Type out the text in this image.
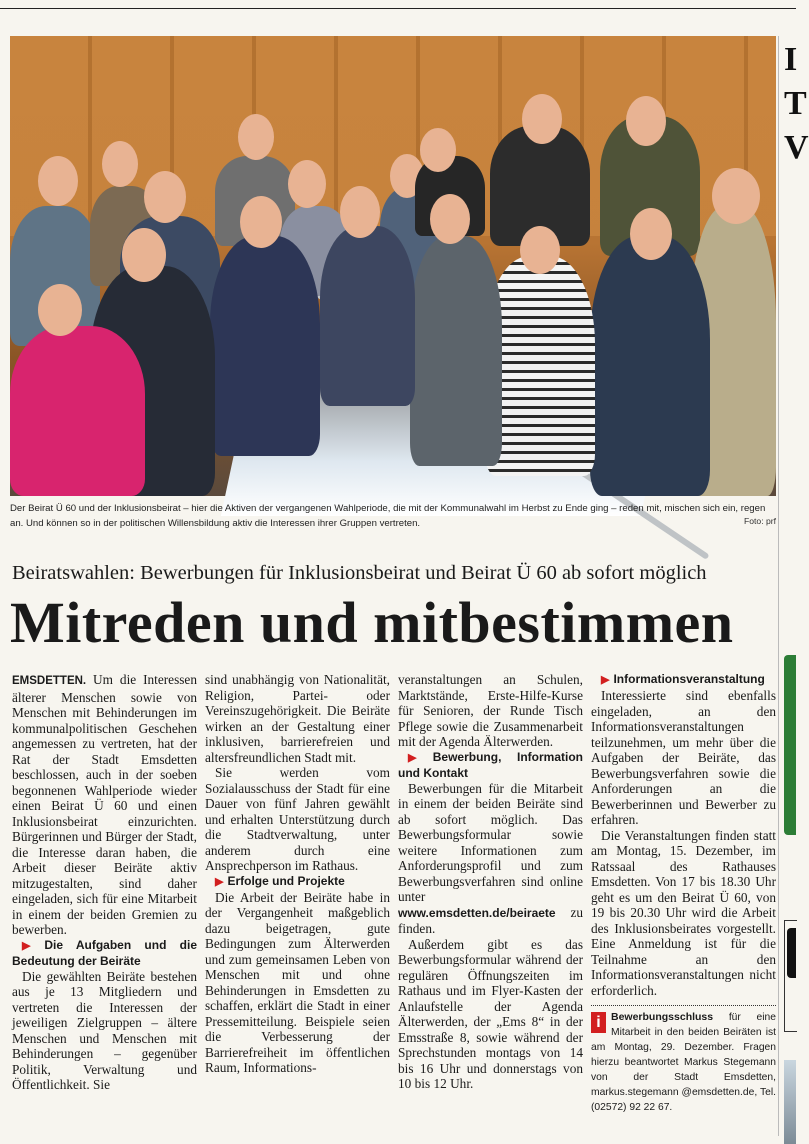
Der Beirat Ü 60 und der Inklusionsbeirat – hier die Aktiven der vergangenen Wahlperiode, die mit der Kommunalwahl im Herbst zu Ende ging – reden mit, mischen sich ein, regen an. Und können so in der politischen Willensbildung aktiv die Interessen ihrer Gruppen vertreten.	Foto: prf
Beiratswahlen: Bewerbungen für Inklusionsbeirat und Beirat Ü 60 ab sofort möglich
Mitreden und mitbestimmen

EMSDETTEN. Um die Interessen älterer Menschen sowie von Menschen mit Behinderungen im kommunalpolitischen Geschehen angemessen zu vertreten, hat der Rat der Stadt Emsdetten beschlossen, auch in der soeben begonnenen Wahlperiode wieder einen Beirat Ü 60 und einen Inklusionsbeirat einzurichten. Bürgerinnen und Bürger der Stadt, die Interesse daran haben, die Arbeit dieser Beiräte aktiv mitzugestalten, sind daher eingeladen, sich für eine Mitarbeit in einem der beiden Gremien zu bewerben.

▶ Die Aufgaben und die Bedeutung der Beiräte

Die gewählten Beiräte bestehen aus je 13 Mitgliedern und vertreten die Interessen der jeweiligen Zielgruppen – ältere Menschen und Menschen mit Behinderungen – gegenüber Politik, Verwaltung und Öffentlichkeit. Sie

sind unabhängig von Nationalität, Religion, Partei- oder Vereinszugehörigkeit. Die Beiräte wirken an der Gestaltung einer inklusiven, barrierefreien und altersfreundlichen Stadt mit.

Sie werden vom Sozialausschuss der Stadt für eine Dauer von fünf Jahren gewählt und erhalten Unterstützung durch die Stadtverwaltung, unter anderem durch eine Ansprechperson im Rathaus.

▶ Erfolge und Projekte

Die Arbeit der Beiräte habe in der Vergangenheit maßgeblich dazu beigetragen, gute Bedingungen zum Älterwerden und zum gemeinsamen Leben von Menschen mit und ohne Behinderungen in Emsdetten zu schaffen, erklärt die Stadt in einer Pressemitteilung. Beispiele seien die Verbesserung der Barrierefreiheit im öffentlichen Raum, Informations-

veranstaltungen an Schulen, Marktstände, Erste-Hilfe-Kurse für Senioren, der Runde Tisch Pflege sowie die Zusammenarbeit mit der Agenda Älterwerden.

▶ Bewerbung, Information und Kontakt

Bewerbungen für die Mitarbeit in einem der beiden Beiräte sind ab sofort möglich. Das Bewerbungsformular sowie weitere Informationen zum Anforderungsprofil und zum Bewerbungsverfahren sind online unter www.emsdetten.de/beiraete zu finden.

Außerdem gibt es das Bewerbungsformular während der regulären Öffnungszeiten im Rathaus und im Flyer-Kasten der Anlaufstelle der Agenda Älterwerden, der „Ems 8“ in der Emsstraße 8, sowie während der Sprechstunden montags von 14 bis 16 Uhr und donnerstags von 10 bis 12 Uhr.

▶ Informationsveranstaltung

Interessierte sind ebenfalls eingeladen, an den Informationsveranstaltungen teilzunehmen, um mehr über die Aufgaben der Beiräte, das Bewerbungsverfahren sowie die Anforderungen an die Bewerberinnen und Bewerber zu erfahren.

Die Veranstaltungen finden statt am Montag, 15. Dezember, im Ratssaal des Rathauses Emsdetten. Von 17 bis 18.30 Uhr geht es um den Beirat Ü 60, von 19 bis 20.30 Uhr wird die Arbeit des Inklusionsbeirates vorgestellt. Eine Anmeldung ist für die Teilnahme an den Informationsveranstaltungen nicht erforderlich.

i Bewerbungsschluss für eine Mitarbeit in den beiden Beiräten ist am Montag, 29. Dezember. Fragen hierzu beantwortet Markus Stegemann von der Stadt Emsdetten, markus.stegemann @emsdetten.de, Tel. (02572) 92 22 67.
I
T
V
